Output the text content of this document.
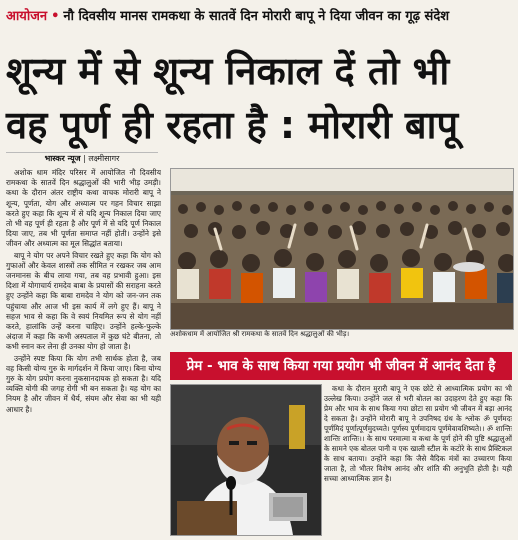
आयोजन • नौ दिवसीय मानस रामकथा के सातवें दिन मोरारी बापू ने दिया जीवन का गूढ़ संदेश
शून्य में से शून्य निकाल दें तो भी
वह पूर्ण ही रहता है : मोरारी बापू
भास्कर न्यूज | लक्ष्मीसागर

अशोक धाम मंदिर परिसर में आयोजित नौ दिवसीय रामकथा के सातवें दिन श्रद्धालुओं की भारी भीड़ उमड़ी। कथा के दौरान अंतर राष्ट्रीय कथा वाचक मोरारी बापू ने शून्य, पूर्णता, योग और अध्यात्म पर गहन विचार साझा करते हुए कहा कि शून्य में से यदि शून्य निकाल दिया जाए तो भी वह पूर्ण ही रहता है और पूर्ण में से यदि पूर्ण निकाल दिया जाए, तब भी पूर्णता समाप्त नहीं होती। उन्होंने इसे जीवन और अध्यात्म का मूल सिद्धांत बताया।

बापू ने योग पर अपने विचार रखते हुए कहा कि योग को गुफाओं और केवल शास्त्रों तक सीमित न रखकर जब आम जनमानस के बीच लाया गया, तब वह प्रभावी हुआ। इस दिशा में योगाचार्य रामदेव बाबा के प्रयासों की सराहना करते हुए उन्होंने कहा कि बाबा रामदेव ने योग को जन-जन तक पहुंचाया और आज भी इस कार्य में लगे हुए हैं। बापू ने सहज भाव से कहा कि वे स्वयं नियमित रूप से योग नहीं करते, हालांकि उन्हें करना चाहिए। उन्होंने हल्के-फुल्के अंदाज में कहा कि कभी अस्पताल में कुछ घंटे बीतना, तो कभी स्नान कर लेना ही उनका योग हो जाता है।

उन्होंने स्पष्ट किया कि योग तभी सार्थक होता है, जब वह किसी योग्य गुरु के मार्गदर्शन में किया जाए। बिना योग्य गुरु के योग प्रयोग करना नुकसानदायक हो सकता है। यदि व्यक्ति योगी की जगह रोगी भी बन सकता है। यह योग का नियम है और जीवन में धैर्य, संयम और सेवा का भी यही आधार है।

अशोकधाम में आयोजित श्री रामकथा के सातवें दिन श्रद्धालुओं की भीड़।
प्रेम - भाव के साथ किया गया प्रयोग भी जीवन में आनंद देता है

कथा के दौरान मुरारी बापू ने एक छोटे से आध्यात्मिक प्रयोग का भी उल्लेख किया। उन्होंने जल से भरी बोतल का उदाहरण देते हुए कहा कि प्रेम और भाव के साथ किया गया छोटा सा प्रयोग भी जीवन में बड़ा आनंद दे सकता है। उन्होंने मोरारी बापू ने उपनिषद ग्रंथ के श्लोक ॐ पूर्णमदः पूर्णमिदं पूर्णात्पूर्णमुदच्यते। पूर्णस्य पूर्णमादाय पूर्णमेवावशिष्यते।। ॐ शान्तिः शान्तिः शान्तिः।। के साथ परमात्मा व कथा के पूर्ण होने की पुष्टि श्रद्धालुओं के सामने एक बोतल पानी व एक खाली स्टील के कटोरे के साथ प्रैक्टिकल के साथ बताया। उन्होंने कहा कि जैसे वैदिक मंत्रों का उच्चारण किया जाता है, तो भीतर विशेष आनंद और शांति की अनुभूति होती है। यही सच्चा आध्यात्मिक ज्ञान है।
